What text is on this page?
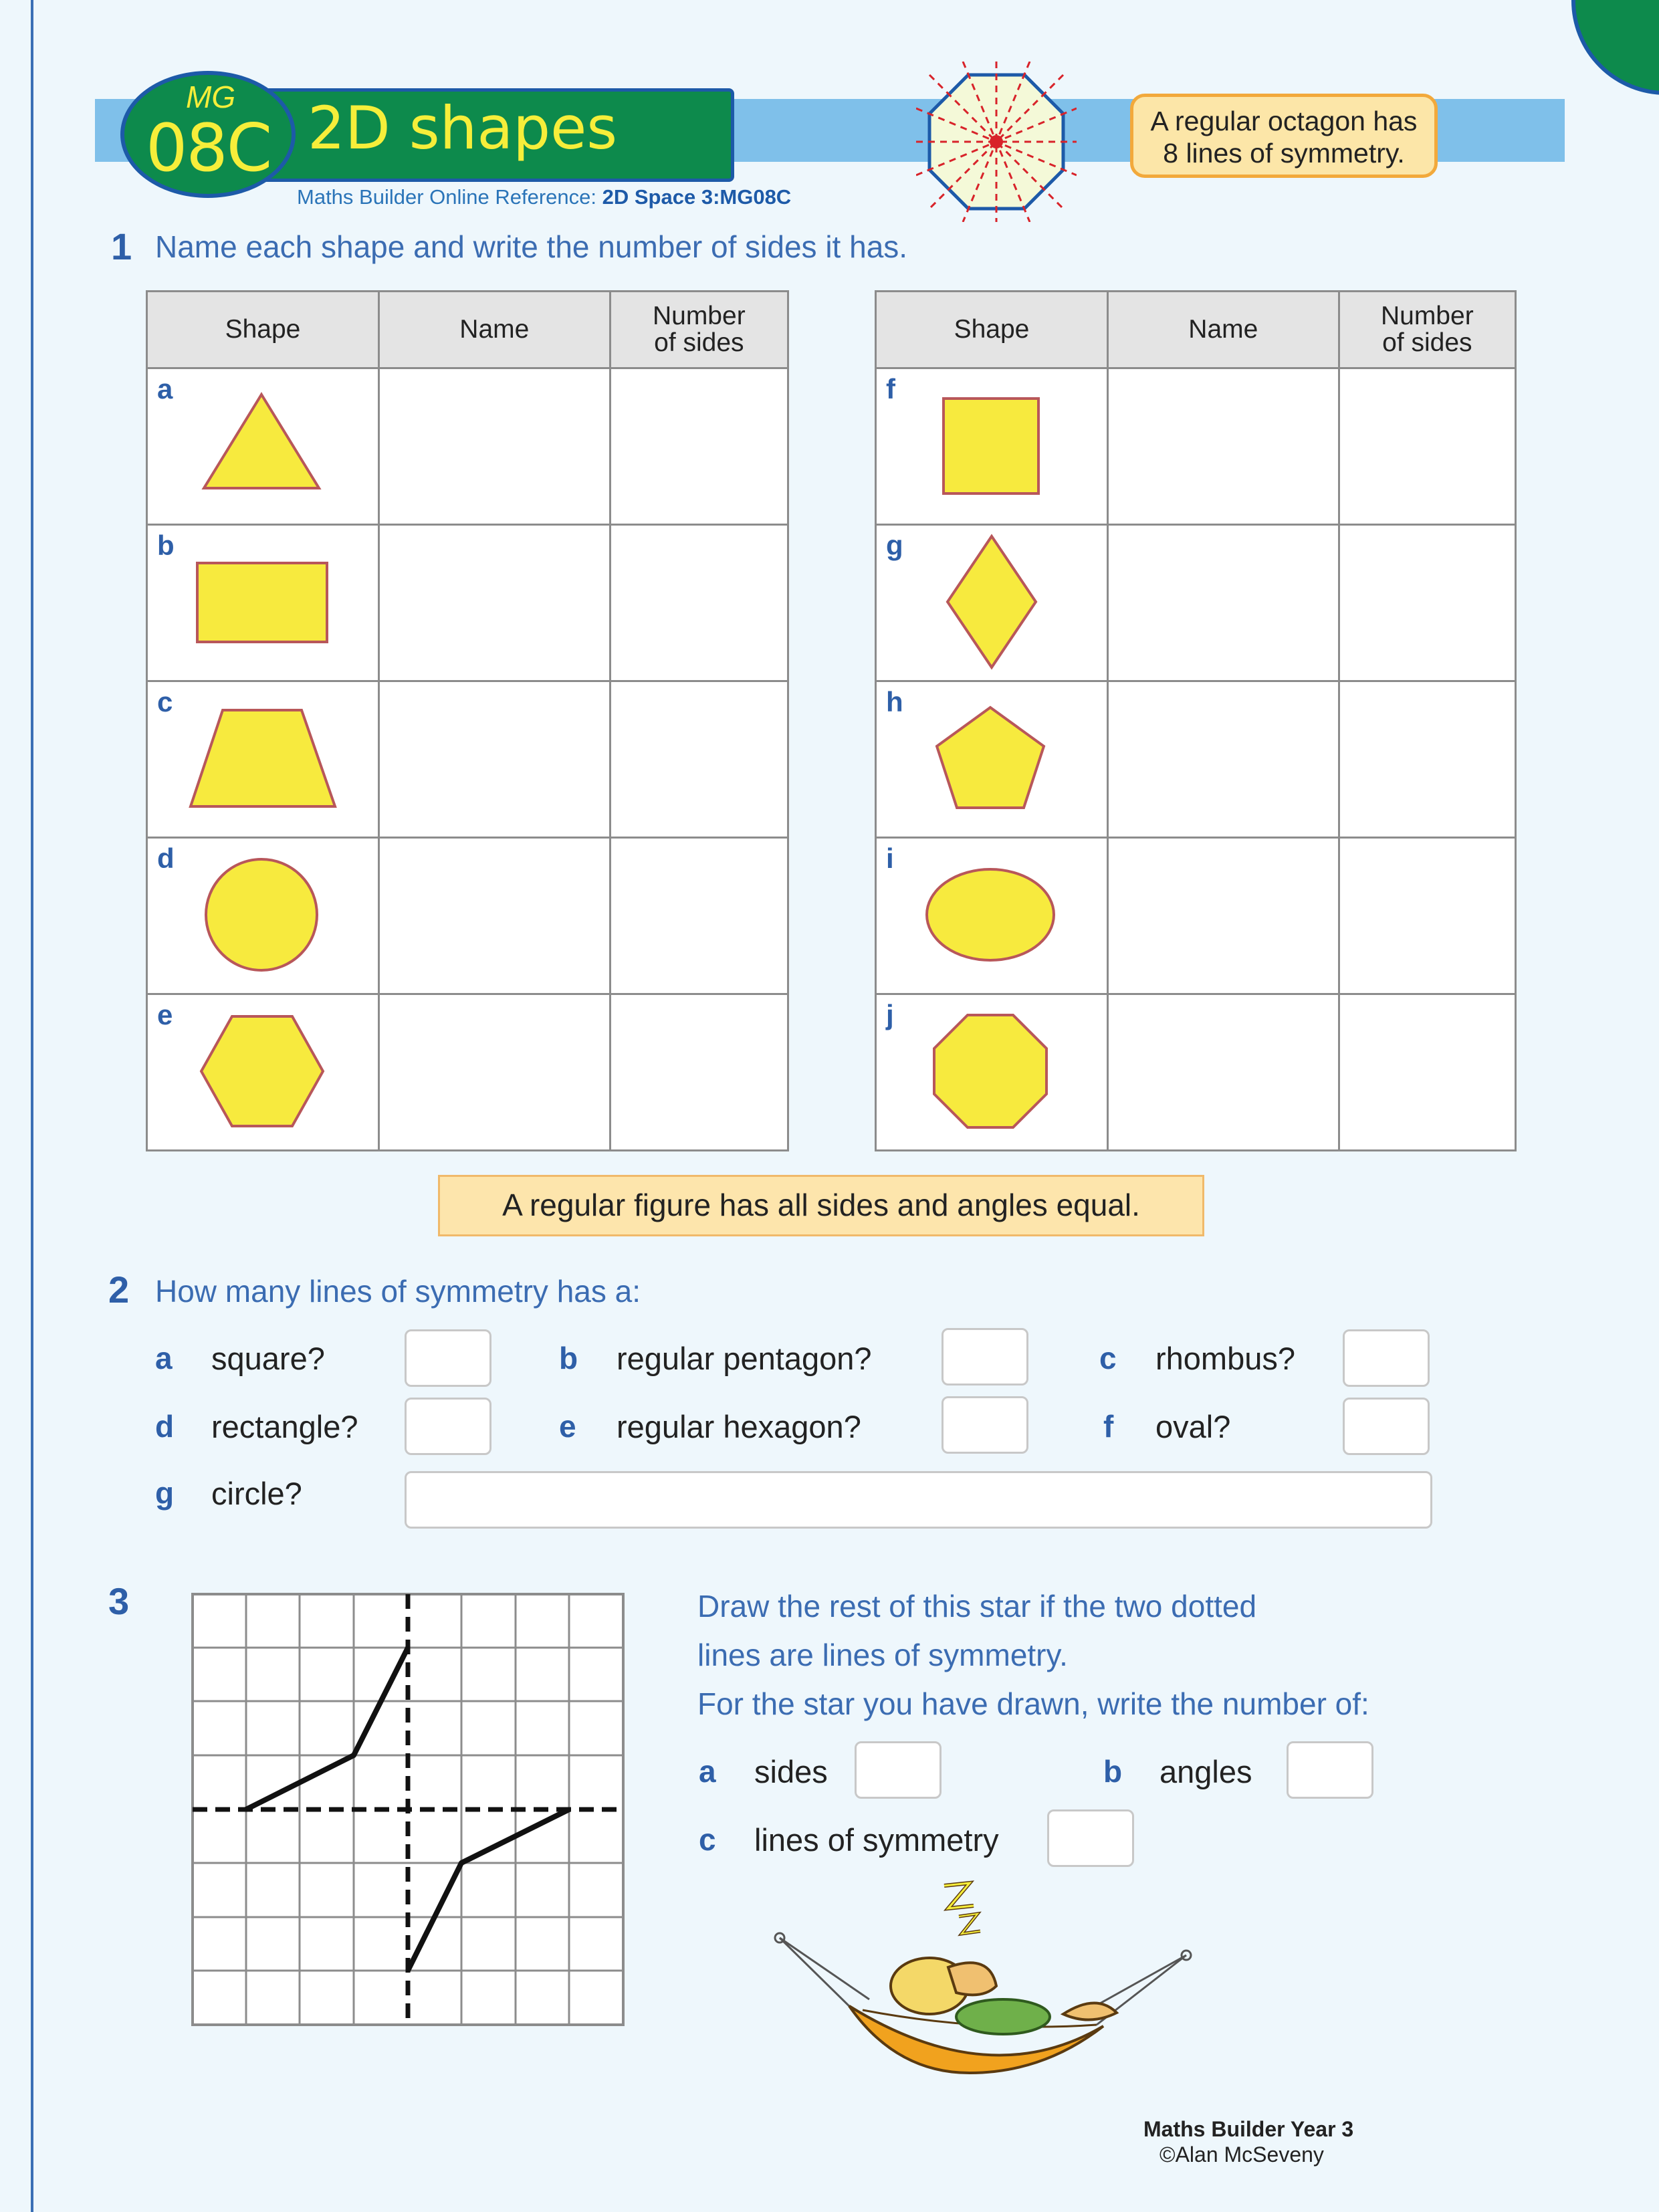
2D shapes
MG
08C
Maths Builder Online Reference: 2D Space 3:MG08C
A regular octagon has
8 lines of symmetry.
1 Name each shape and write the number of sides it has.
Shape	Name	Number
of sides

a		

b		

c		

d		

e		

Shape	Name	Number
of sides

f		

g		

h		

i		

j		

A regular figure has all sides and angles equal.
2 How many lines of symmetry has a:
a square?	b regular pentagon?	c rhombus?
d rectangle?	e regular hexagon?	f oval?
g circle?
3	Draw the rest of this star if the two dotted
lines are lines of symmetry.
For the star you have drawn, write the number of:
a sides	b angles
c lines of symmetry
Maths Builder Year 3
©Alan McSeveny
